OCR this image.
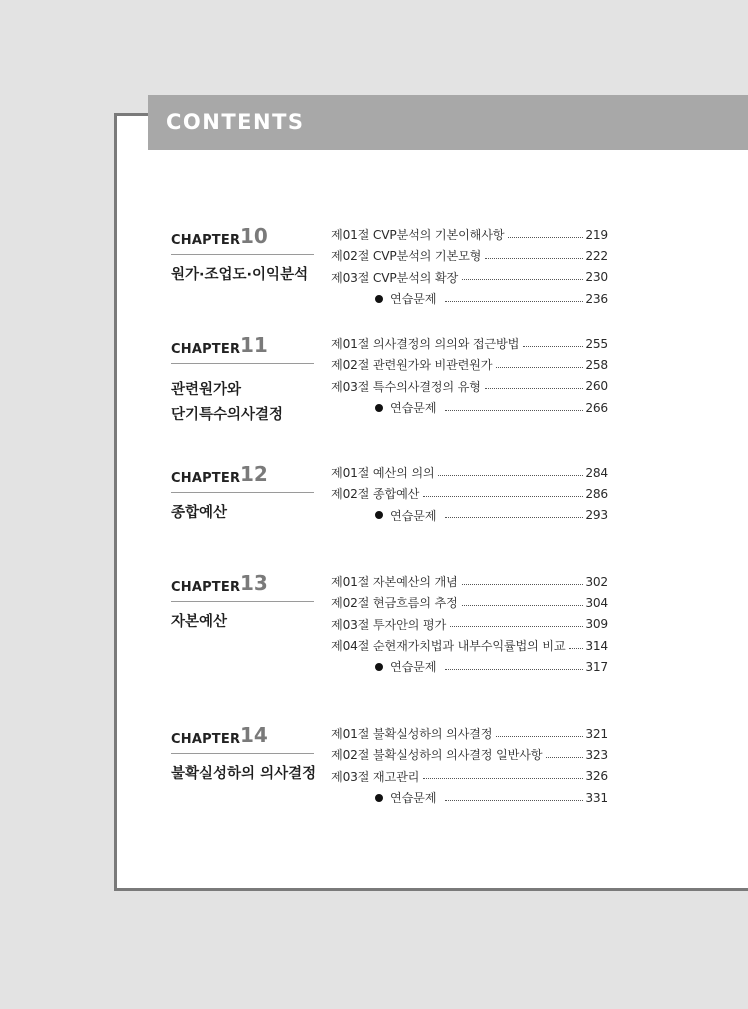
CONTENTS
CHAPTER 10
원가·조업도·이익분석
제01절 CVP분석의 기본이해사항	219
제02절 CVP분석의 기본모형	222
제03절 CVP분석의 확장	230
연습문제	236
CHAPTER 11
관련원가와
단기특수의사결정
제01절 의사결정의 의의와 접근방법	255
제02절 관련원가와 비관련원가	258
제03절 특수의사결정의 유형	260
연습문제	266
CHAPTER 12
종합예산
제01절 예산의 의의	284
제02절 종합예산	286
연습문제	293
CHAPTER 13
자본예산
제01절 자본예산의 개념	302
제02절 현금흐름의 추정	304
제03절 투자안의 평가	309
제04절 순현재가치법과 내부수익률법의 비교 314
연습문제	317
CHAPTER 14
불확실성하의 의사결정
제01절 불확실성하의 의사결정	321
제02절 불확실성하의 의사결정 일반사항	323
제03절 재고관리	326
연습문제	331
